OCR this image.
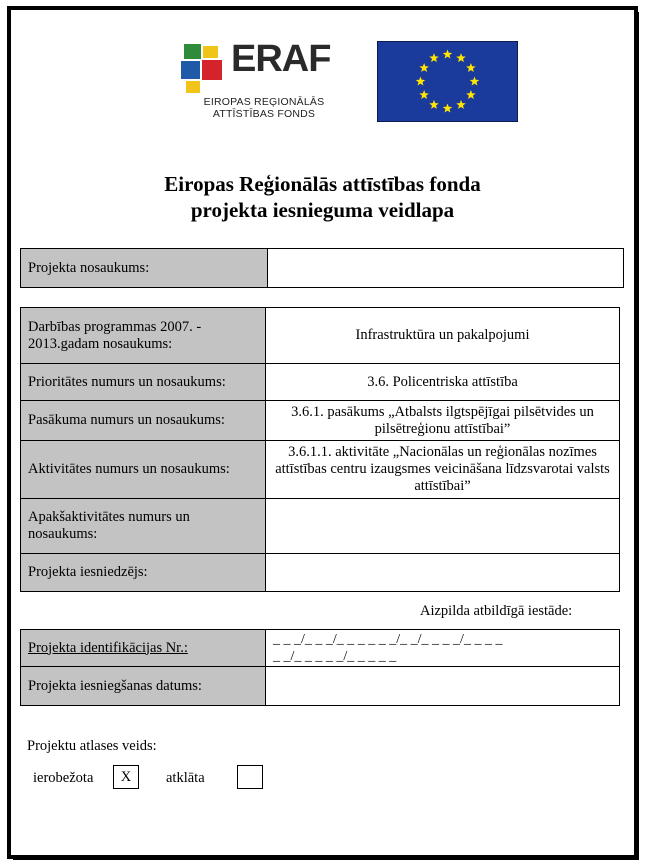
ERAF
EIROPAS REĢIONĀLĀS
ATTĪSTĪBAS FONDS
Eiropas Reģionālās attīstības fonda
projekta iesnieguma veidlapa
Projekta nosaukums:	
Darbības programmas 2007. - 2013.gadam nosaukums:	Infrastruktūra un pakalpojumi
Prioritātes numurs un nosaukums:	3.6. Policentriska attīstība
Pasākuma numurs un nosaukums:	3.6.1. pasākums „Atbalsts ilgtspējīgai pilsētvides un pilsētreģionu attīstībai”
Aktivitātes numurs un nosaukums:	3.6.1.1. aktivitāte „Nacionālas un reģionālas nozīmes attīstības centru izaugsmes veicināšana līdzsvarotai valsts attīstībai”
Apakšaktivitātes numurs un nosaukums:	
Projekta iesniedzējs:	
Aizpilda atbildīgā iestāde:
Projekta identifikācijas Nr.:	_ _ _/_ _ _/_ _ _ _ _ _/_ _/_ _ _ _/_ _ _ _
_ _/_ _ _ _ _/_ _ _ _ _

Projekta iesniegšanas datums:	
Projektu atlases veids:
ierobežota	X	atklāta
